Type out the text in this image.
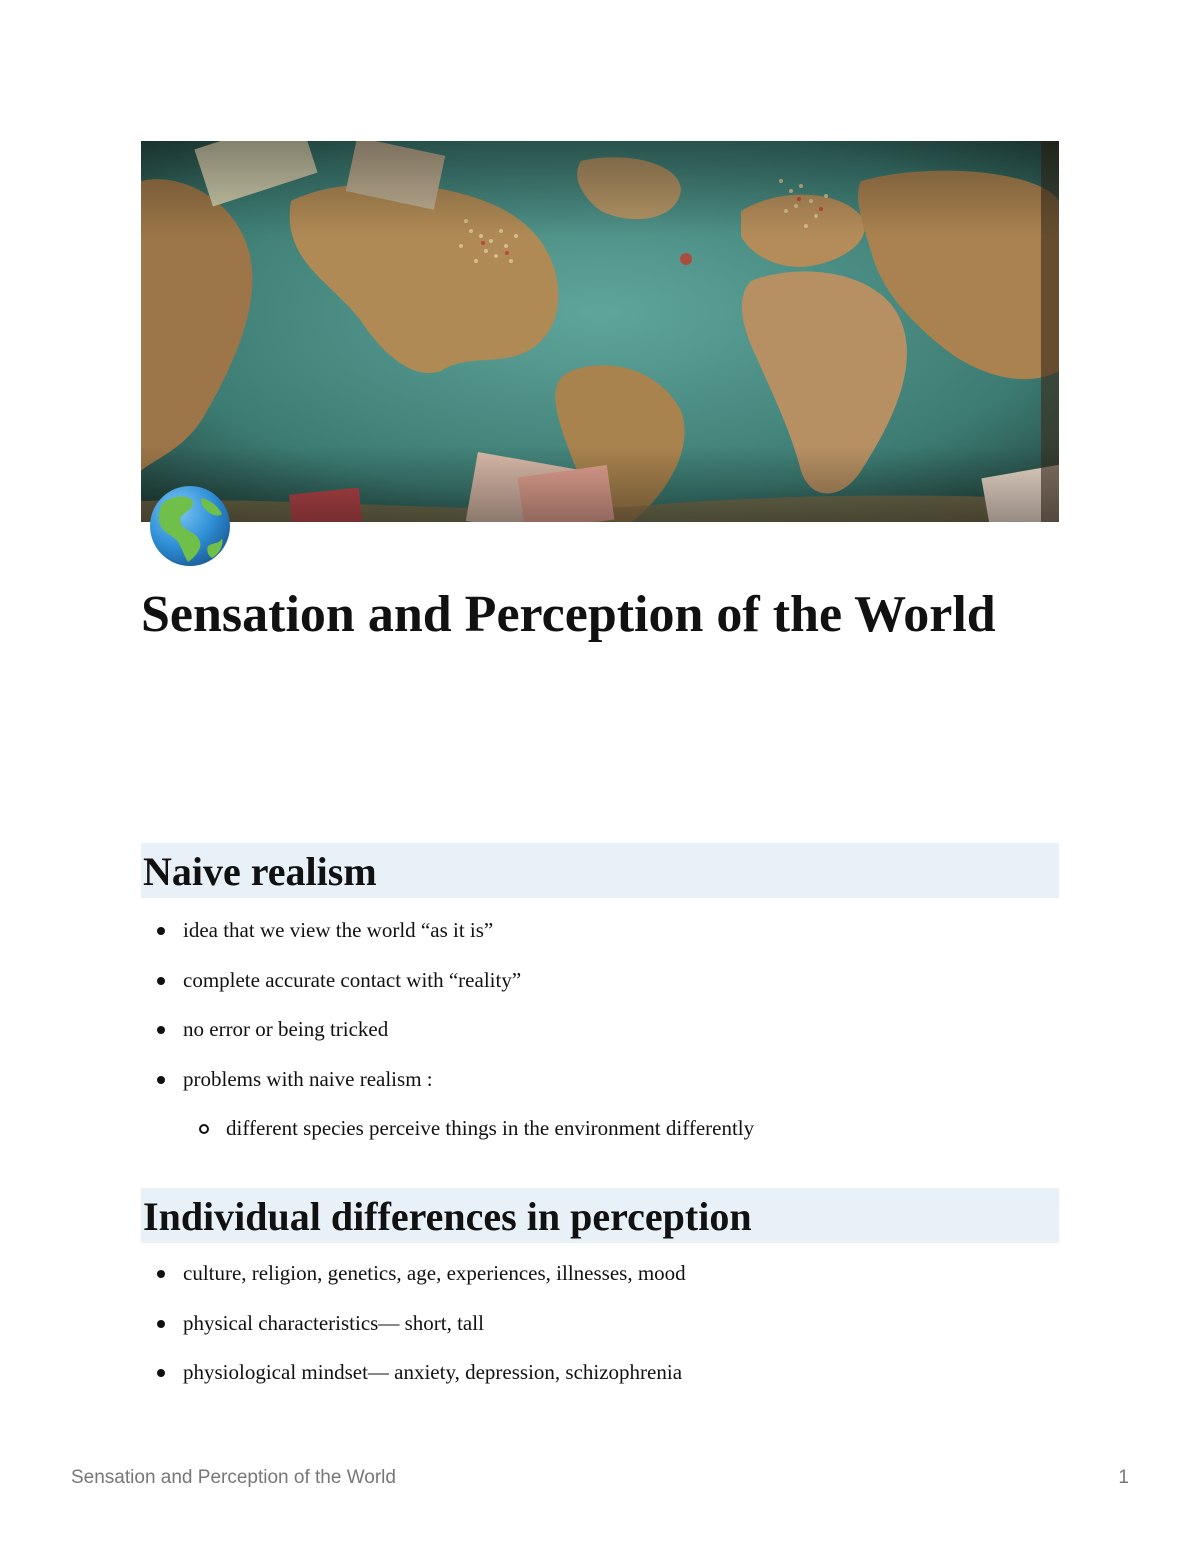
Sensation and Perception of the World
Naive realism
idea that we view the world “as it is”
complete accurate contact with “reality”
no error or being tricked
problems with naive realism :
different species perceive things in the environment differently
Individual differences in perception
culture, religion, genetics, age, experiences, illnesses, mood
physical characteristics— short, tall
physiological mindset— anxiety, depression, schizophrenia
Sensation and Perception of the World	1
